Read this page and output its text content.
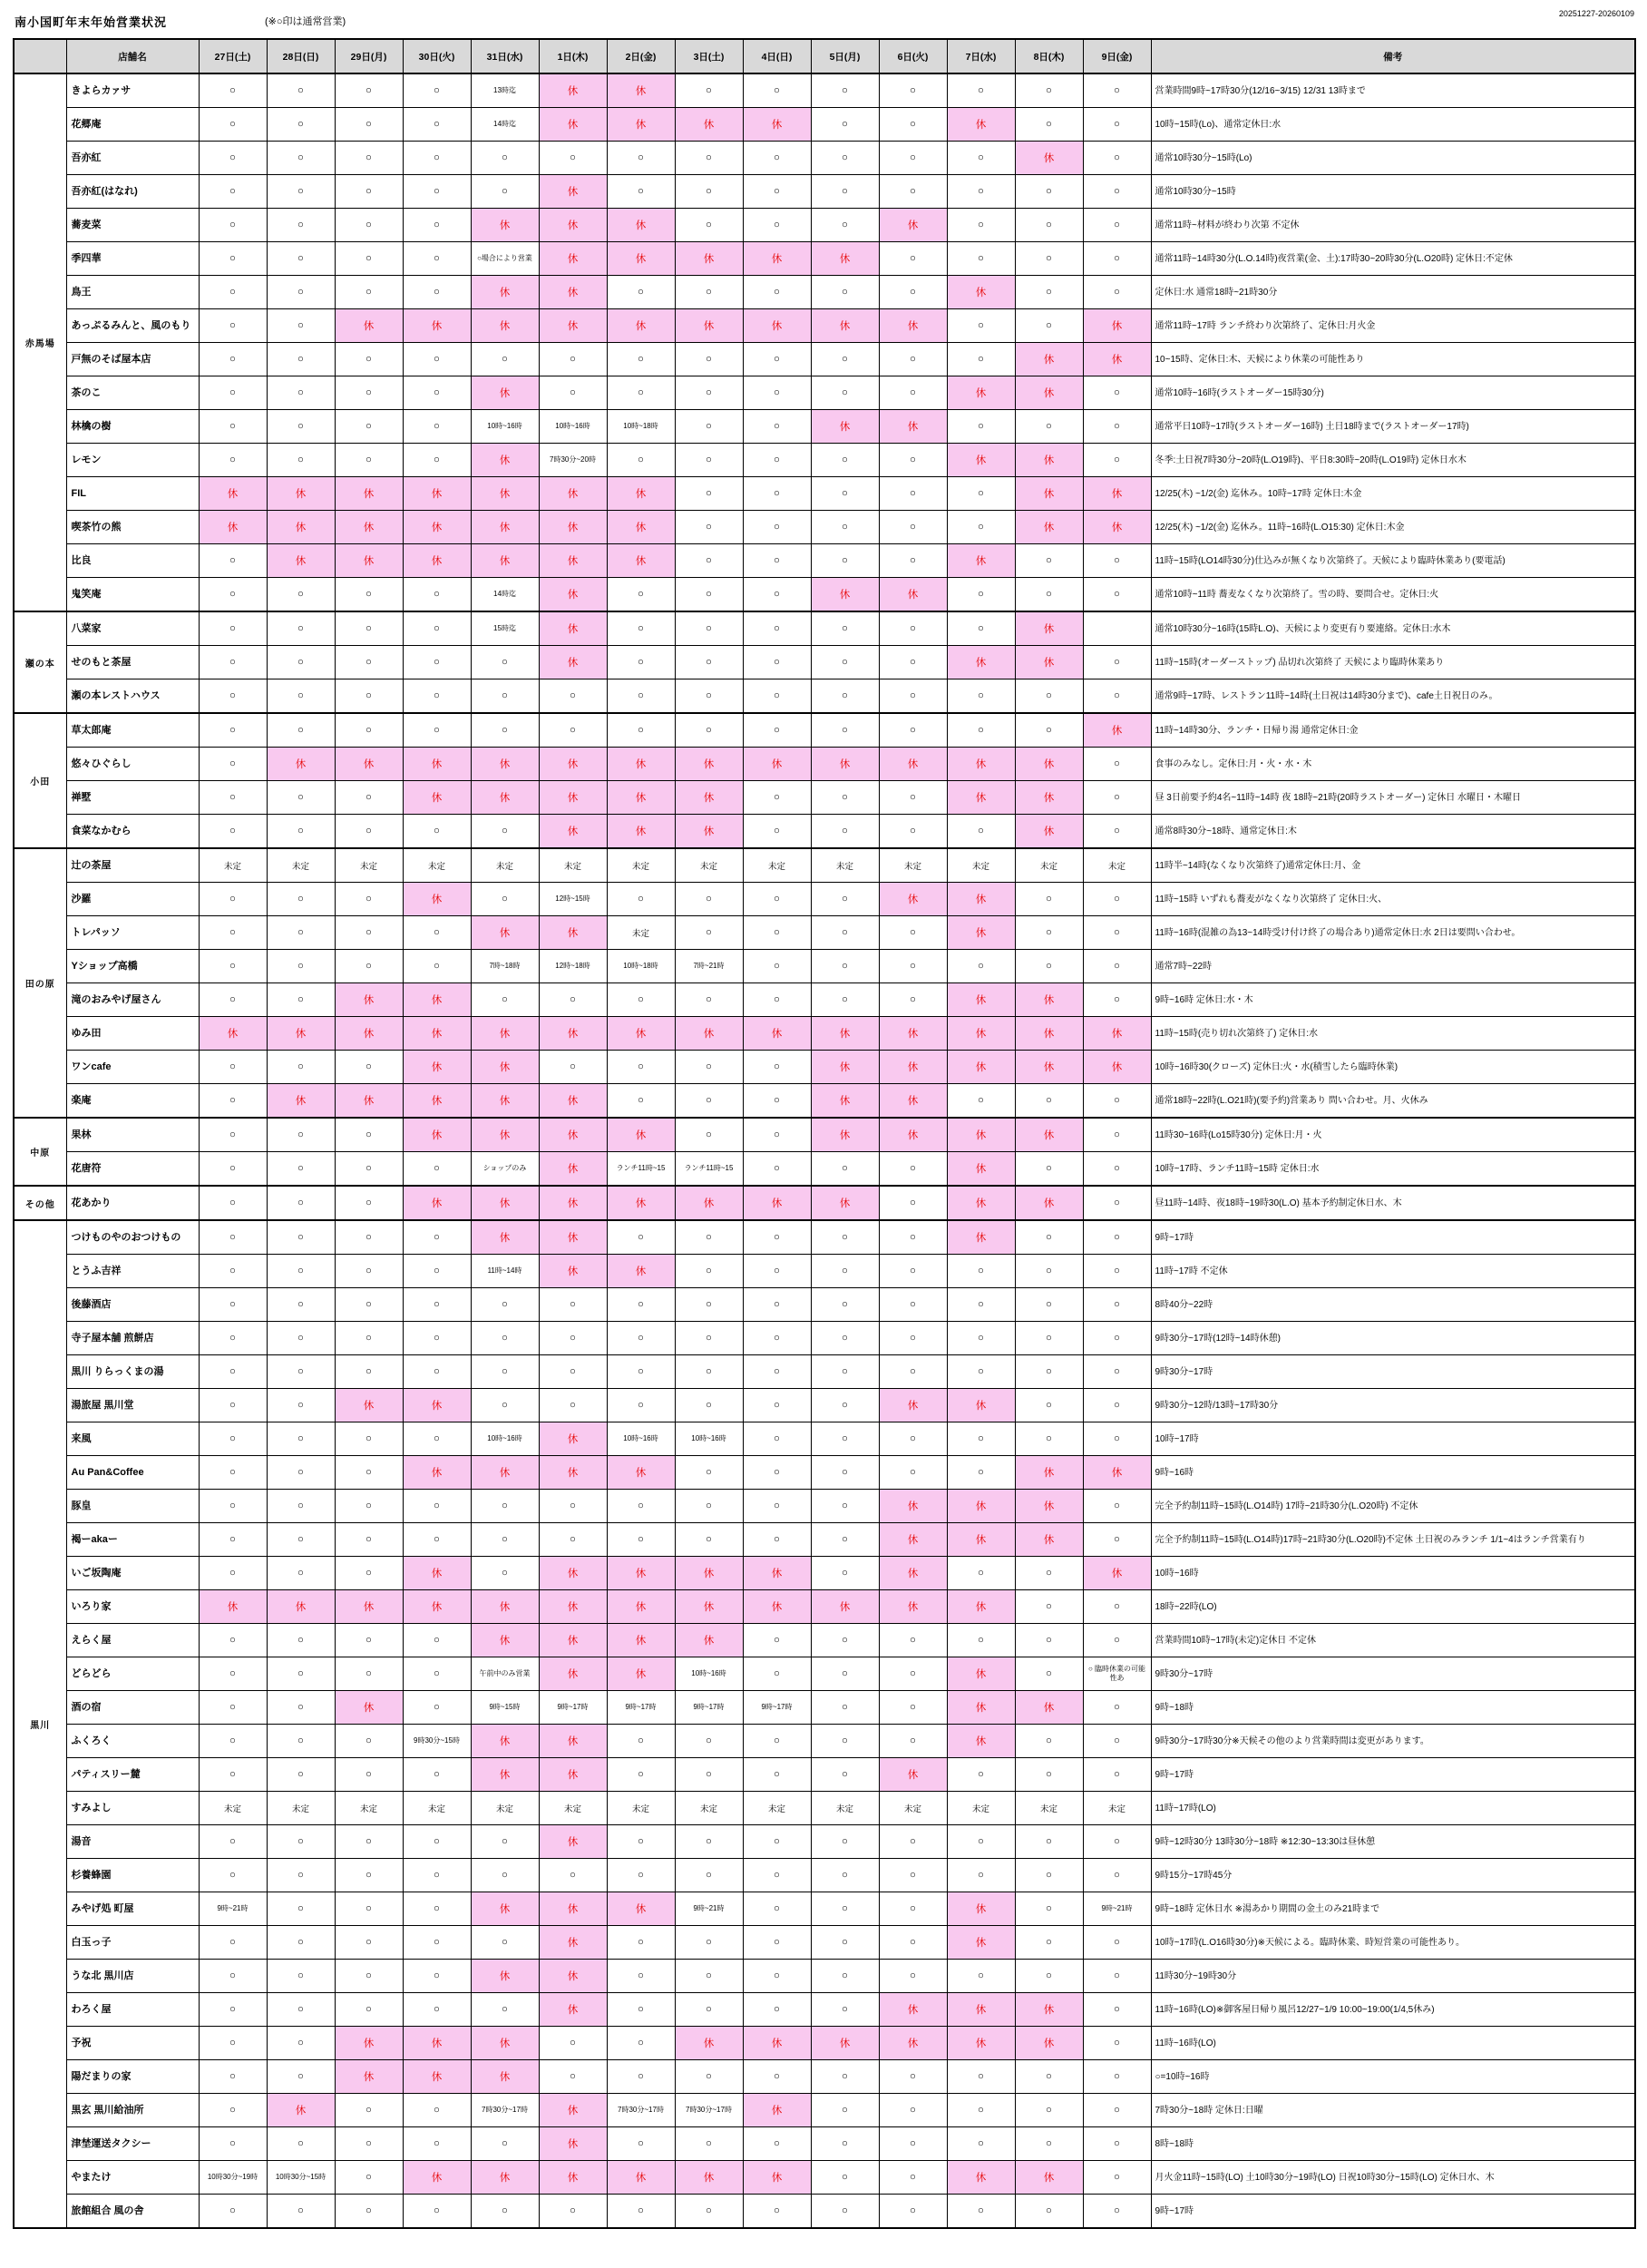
南小国町年末年始営業状況	(※○印は通常営業)
20251227-20260109
	店舗名	27日(土)	28日(日)	29日(月)	30日(火)	31日(水)	1日(木)	2日(金)	3日(土)	4日(日)	5日(月)	6日(火)	7日(水)	8日(木)	9日(金)	備考
赤馬場	きよらカァサ	○	○	○	○	13時迄	休	休	○	○	○	○	○	○	○	営業時間9時~17時30分(12/16~3/15) 12/31 13時まで
	花郷庵	○	○	○	○	14時迄	休	休	休	休	○	○	休	○	○	10時~15時(Lo)、通常定休日:水
	吾亦紅	○	○	○	○	○	○	○	○	○	○	○	○	休	○	通常10時30分~15時(Lo)
	吾亦紅(はなれ)	○	○	○	○	○	休	○	○	○	○	○	○	○	○	通常10時30分~15時
	蕎麦菜	○	○	○	○	休	休	休	○	○	○	休	○	○	○	通常11時~材料が終わり次第 不定休
	季四華	○	○	○	○	○場合により営業	休	休	休	休	休	○	○	○	○	通常11時~14時30分(L.O.14時)夜営業(金、土):17時30~20時30分(L.O20時) 定休日:不定休
	鳥王	○	○	○	○	休	休	○	○	○	○	○	休	○	○	定休日:水 通常18時~21時30分
	あっぷるみんと、風のもり	○	○	休	休	休	休	休	休	休	休	休	○	○	休	通常11時~17時 ランチ終わり次第終了、定休日:月火金
	戸無のそば屋本店	○	○	○	○	○	○	○	○	○	○	○	○	休	休	10~15時、定休日:木、天候により休業の可能性あり
	茶のこ	○	○	○	○	休	○	○	○	○	○	○	休	休	○	通常10時~16時(ラストオーダー15時30分)
	林檎の樹	○	○	○	○	10時~16時	10時~16時	10時~18時	○	○	休	休	○	○	○	通常平日10時~17時(ラストオーダー16時) 土日18時まで(ラストオーダー17時)
	レモン	○	○	○	○	休	7時30分~20時	○	○	○	○	○	休	休	○	冬季:土日祝7時30分~20時(L.O19時)、平日8:30時~20時(L.O19時) 定休日水木
	FIL	休	休	休	休	休	休	休	○	○	○	○	○	休	休	12/25(木) ~1/2(金) 迄休み。10時~17時 定休日:木金
	喫茶竹の熊	休	休	休	休	休	休	休	○	○	○	○	○	休	休	12/25(木) ~1/2(金) 迄休み。11時~16時(L.O15:30) 定休日:木金
	比良	○	休	休	休	休	休	休	○	○	○	○	休	○	○	11時~15時(LO14時30分)仕込みが無くなり次第終了。天候により臨時休業あり(要電話)
	鬼笑庵	○	○	○	○	14時迄	休	○	○	○	休	休	○	○	○	通常10時~11時 蕎麦なくなり次第終了。雪の時、要問合せ。定休日:火
瀬の本	八菜家	○	○	○	○	15時迄	休	○	○	○	○	○	○	休		通常10時30分~16時(15時L.O)、天候により変更有り要連絡。定休日:水木
	せのもと茶屋	○	○	○	○	○	休	○	○	○	○	○	休	休	○	11時~15時(オーダーストップ) 品切れ次第終了 天候により臨時休業あり
	瀬の本レストハウス	○	○	○	○	○	○	○	○	○	○	○	○	○	○	通常9時~17時、レストラン11時~14時(土日祝は14時30分まで)、cafe土日祝日のみ。
小田	草太郎庵	○	○	○	○	○	○	○	○	○	○	○	○	○	休	11時~14時30分、ランチ・日帰り湯 通常定休日:金
	悠々ひぐらし	○	休	休	休	休	休	休	休	休	休	休	休	休	○	食事のみなし。定休日:月・火・水・木
	禅墅	○	○	○	休	休	休	休	休	○	○	○	休	休	○	昼 3日前要予約4名~11時~14時 夜 18時~21時(20時ラストオーダー) 定休日 水曜日・木曜日
	食菜なかむら	○	○	○	○	○	休	休	休	○	○	○	○	休	○	通常8時30分~18時、通常定休日:木
田の原	辻の茶屋	未定	未定	未定	未定	未定	未定	未定	未定	未定	未定	未定	未定	未定	未定	11時半~14時(なくなり次第終了)通常定休日:月、金
	沙羅	○	○	○	休	○	12時~15時	○	○	○	○	休	休	○	○	11時~15時 いずれも蕎麦がなくなり次第終了 定休日:火、
	トレパッソ	○	○	○	○	休	休	未定	○	○	○	○	休	○	○	11時~16時(混雑の為13~14時受け付け終了の場合あり)通常定休日:水 2日は要問い合わせ。
	Yショップ高橋	○	○	○	○	7時~18時	12時~18時	10時~18時	7時~21時	○	○	○	○	○	○	通常7時~22時
	滝のおみやげ屋さん	○	○	休	休	○	○	○	○	○	○	○	休	休	○	9時~16時 定休日:水・木
	ゆみ田	休	休	休	休	休	休	休	休	休	休	休	休	休	休	11時~15時(売り切れ次第終了) 定休日:水
	ワンcafe	○	○	○	休	休	○	○	○	○	休	休	休	休	休	10時~16時30(クローズ) 定休日:火・水(積雪したら臨時休業)
	楽庵	○	休	休	休	休	休	○	○	○	休	休	○	○	○	通常18時~22時(L.O21時)(要予約)営業あり 問い合わせ。月、火休み
中原	果林	○	○	○	休	休	休	休	○	○	休	休	休	休	○	11時30~16時(Lo15時30分) 定休日:月・火
	花唐符	○	○	○	○	ショップのみ	休	ランチ11時~15	ランチ11時~15	○	○	○	休	○	○	10時~17時、ランチ11時~15時 定休日:水
その他	花あかり	○	○	○	休	休	休	休	休	休	休	○	休	休	○	昼11時~14時、夜18時~19時30(L.O) 基本予約制定休日水、木
黒川	つけものやのおつけもの	○	○	○	○	休	休	○	○	○	○	○	休	○	○	9時~17時
	とうふ吉祥	○	○	○	○	11時~14時	休	休	○	○	○	○	○	○	○	11時~17時 不定休
	後藤酒店	○	○	○	○	○	○	○	○	○	○	○	○	○	○	8時40分~22時
	寺子屋本舗 煎餅店	○	○	○	○	○	○	○	○	○	○	○	○	○	○	9時30分~17時(12時~14時休憩)
	黒川 りらっくまの湯	○	○	○	○	○	○	○	○	○	○	○	○	○	○	9時30分~17時
	湯旅屋 黒川堂	○	○	休	休	○	○	○	○	○	○	休	休	○	○	9時30分~12時/13時~17時30分
	来風	○	○	○	○	10時~16時	休	10時~16時	10時~16時	○	○	○	○	○	○	10時~17時
	Au Pan&Coffee	○	○	○	休	休	休	休	○	○	○	○	○	休	休	9時~16時
	豚皇	○	○	○	○	○	○	○	○	○	○	休	休	休	○	完全予約制11時~15時(L.O14時) 17時~21時30分(L.O20時) 不定休
	褐ーakaー	○	○	○	○	○	○	○	○	○	○	休	休	休	○	完全予約制11時~15時(L.O14時)17時~21時30分(L.O20時)不定休 土日祝のみランチ 1/1~4はランチ営業有り
	いご坂陶庵	○	○	○	休	○	休	休	休	休	○	休	○	○	休	10時~16時
	いろり家	休	休	休	休	休	休	休	休	休	休	休	休	○	○	18時~22時(LO)
	えらく屋	○	○	○	○	休	休	休	休	○	○	○	○	○	○	営業時間10時~17時(未定)定休日 不定休
	どらどら	○	○	○	○	午前中のみ営業	休	休	10時~16時	○	○	○	休	○	○ 臨時休業の可能性あ	9時30分~17時
	酒の宿	○	○	休	○	9時~15時	9時~17時	9時~17時	9時~17時	9時~17時	○	○	休	休	○	9時~18時
	ふくろく	○	○	○	9時30分~15時	休	休	○	○	○	○	○	休	○	○	9時30分~17時30分※天候その他のより営業時間は変更があります。
	パティスリー麓	○	○	○	○	休	休	○	○	○	○	休	○	○	○	9時~17時
	すみよし	未定	未定	未定	未定	未定	未定	未定	未定	未定	未定	未定	未定	未定	未定	11時~17時(LO)
	湯音	○	○	○	○	○	休	○	○	○	○	○	○	○	○	9時~12時30分 13時30分~18時 ※12:30~13:30は昼休憩
	杉養蜂園	○	○	○	○	○	○	○	○	○	○	○	○	○	○	9時15分~17時45分
	みやげ処 町屋	9時~21時	○	○	○	休	休	休	9時~21時	○	○	○	休	○	9時~21時	9時~18時 定休日水 ※湯あかり期間の金土のみ21時まで
	白玉っ子	○	○	○	○	○	休	○	○	○	○	○	休	○	○	10時~17時(L.O16時30分)※天候による。臨時休業、時短営業の可能性あり。
	うな北 黒川店	○	○	○	○	休	休	○	○	○	○	○	○	○	○	11時30分~19時30分
	わろく屋	○	○	○	○	○	休	○	○	○	○	休	休	休	○	11時~16時(LO)※御客屋日帰り風呂12/27~1/9 10:00~19:00(1/4,5休み)
	予祝	○	○	休	休	休	○	○	休	休	休	休	休	休	○	11時~16時(LO)
	陽だまりの家	○	○	休	休	休	○	○	○	○	○	○	○	○	○	○=10時~16時
	黒玄 黒川給油所	○	休	○	○	7時30分~17時	休	7時30分~17時	7時30分~17時	休	○	○	○	○	○	7時30分~18時 定休日:日曜
	津埜運送タクシー	○	○	○	○	○	休	○	○	○	○	○	○	○	○	8時~18時
	やまたけ	10時30分~19時	10時30分~15時	○	休	休	休	休	休	休	○	○	休	休	○	月火金11時~15時(LO) 土10時30分~19時(LO) 日祝10時30分~15時(LO) 定休日水、木
	旅館組合 風の舎	○	○	○	○	○	○	○	○	○	○	○	○	○	○	9時~17時
